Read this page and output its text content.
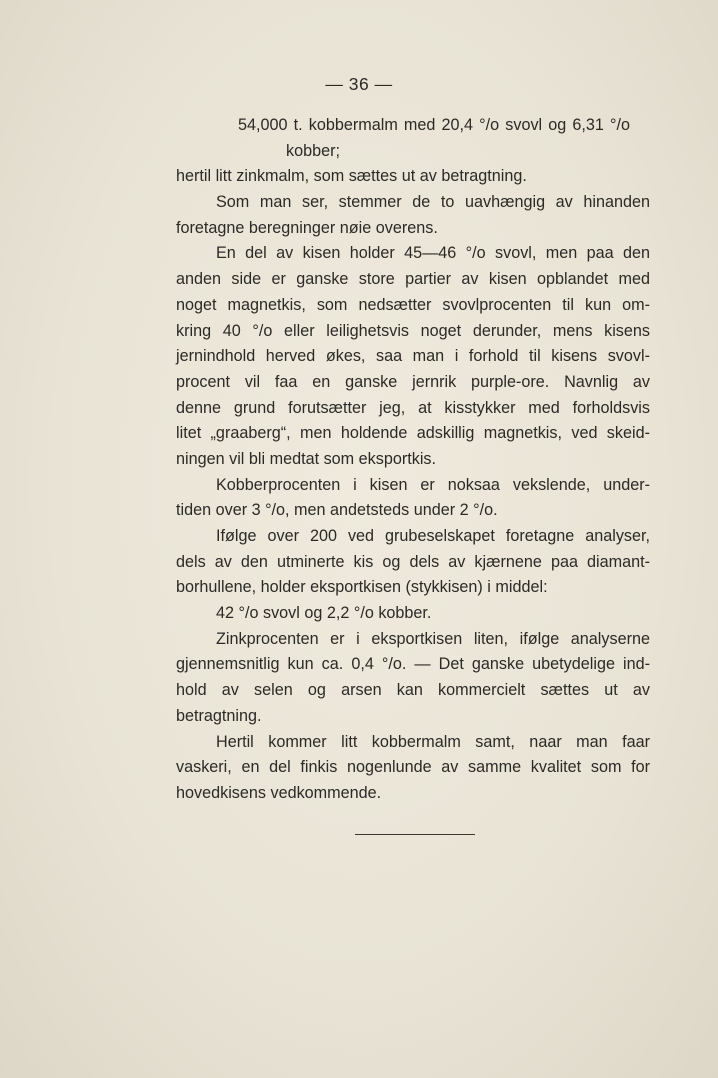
— 36 —
54,000 t. kobbermalm med 20,4 °/o svovl og 6,31 °/o
kobber;
hertil litt zinkmalm, som sættes ut av betragtning.
Som man ser, stemmer de to uavhængig av hinanden
foretagne beregninger nøie overens.
En del av kisen holder 45—46 °/o svovl, men paa den
anden side er ganske store partier av kisen opblandet med
noget magnetkis, som nedsætter svovlprocenten til kun om-
kring 40 °/o eller leilighetsvis noget derunder, mens kisens
jernindhold herved økes, saa man i forhold til kisens svovl-
procent vil faa en ganske jernrik purple-ore. Navnlig av
denne grund forutsætter jeg, at kisstykker med forholdsvis
litet „graaberg“, men holdende adskillig magnetkis, ved skeid-
ningen vil bli medtat som eksportkis.
Kobberprocenten i kisen er noksaa vekslende, under-
tiden over 3 °/o, men andetsteds under 2 °/o.
Ifølge over 200 ved grubeselskapet foretagne analyser,
dels av den utminerte kis og dels av kjærnene paa diamant-
borhullene, holder eksportkisen (stykkisen) i middel:
42 °/o svovl og 2,2 °/o kobber.
Zinkprocenten er i eksportkisen liten, ifølge analyserne
gjennemsnitlig kun ca. 0,4 °/o. — Det ganske ubetydelige ind-
hold av selen og arsen kan kommercielt sættes ut av
betragtning.
Hertil kommer litt kobbermalm samt, naar man faar
vaskeri, en del finkis nogenlunde av samme kvalitet som for
hovedkisens vedkommende.
